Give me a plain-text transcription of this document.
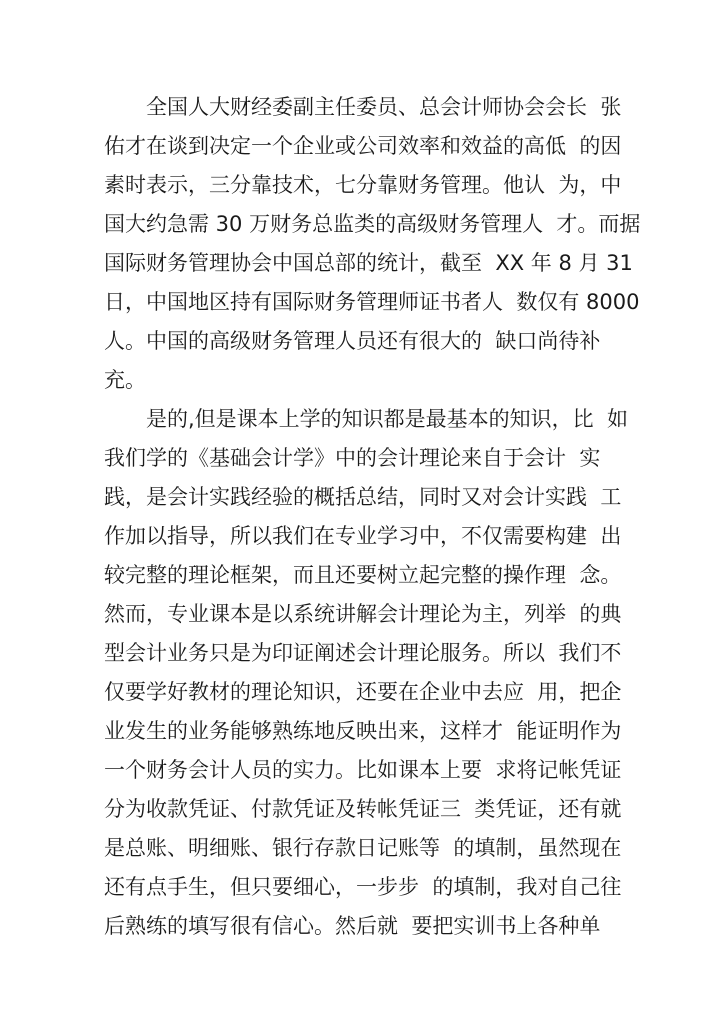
　　全国人大财经委副主任委员、总会计师协会会长  张
佑才在谈到决定一个企业或公司效率和效益的高低  的因
素时表示，三分靠技术，七分靠财务管理。他认  为，中
国大约急需 30 万财务总监类的高级财务管理人  才。而据
国际财务管理协会中国总部的统计，截至  XX 年 8 月 31
日，中国地区持有国际财务管理师证书者人  数仅有 8000
人。中国的高级财务管理人员还有很大的  缺口尚待补
充。
　　是的,但是课本上学的知识都是最基本的知识，比  如
我们学的《基础会计学》中的会计理论来自于会计  实
践，是会计实践经验的概括总结，同时又对会计实践  工
作加以指导，所以我们在专业学习中，不仅需要构建  出
较完整的理论框架，而且还要树立起完整的操作理  念。
然而，专业课本是以系统讲解会计理论为主，列举  的典
型会计业务只是为印证阐述会计理论服务。所以  我们不
仅要学好教材的理论知识，还要在企业中去应  用，把企
业发生的业务能够熟练地反映出来，这样才  能证明作为
一个财务会计人员的实力。比如课本上要  求将记帐凭证
分为收款凭证、付款凭证及转帐凭证三  类凭证，还有就
是总账、明细账、银行存款日记账等  的填制，虽然现在
还有点手生，但只要细心，一步步  的填制，我对自己往
后熟练的填写很有信心。然后就  要把实训书上各种单
